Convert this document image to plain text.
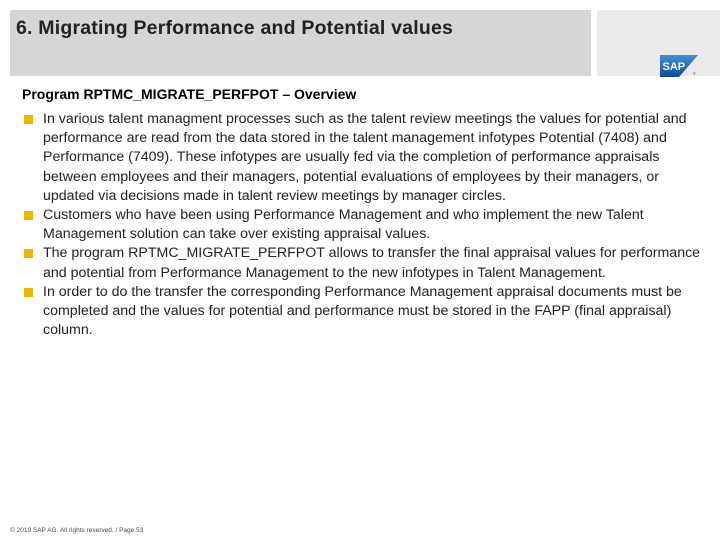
6. Migrating Performance and Potential values
SAP
®
Program RPTMC_MIGRATE_PERFPOT – Overview
In various talent managment processes such as the talent review meetings the values for potential and performance are read from the data stored in the talent management infotypes Potential (7408) and Performance (7409). These infotypes are usually fed via the completion of performance appraisals between employees and their managers, potential evaluations of employees by their managers, or updated via decisions made in talent review meetings by manager circles.
Customers who have been using Performance Management and who implement the new Talent Management solution can take over existing appraisal values.
The program RPTMC_MIGRATE_PERFPOT allows to transfer the final appraisal values for performance and potential from Performance Management to the new infotypes in Talent Management.
In order to do the transfer the corresponding Performance Management appraisal documents must be completed and the values for potential and performance must be stored in the FAPP (final appraisal) column.
© 2010 SAP AG. All rights reserved. / Page 53
